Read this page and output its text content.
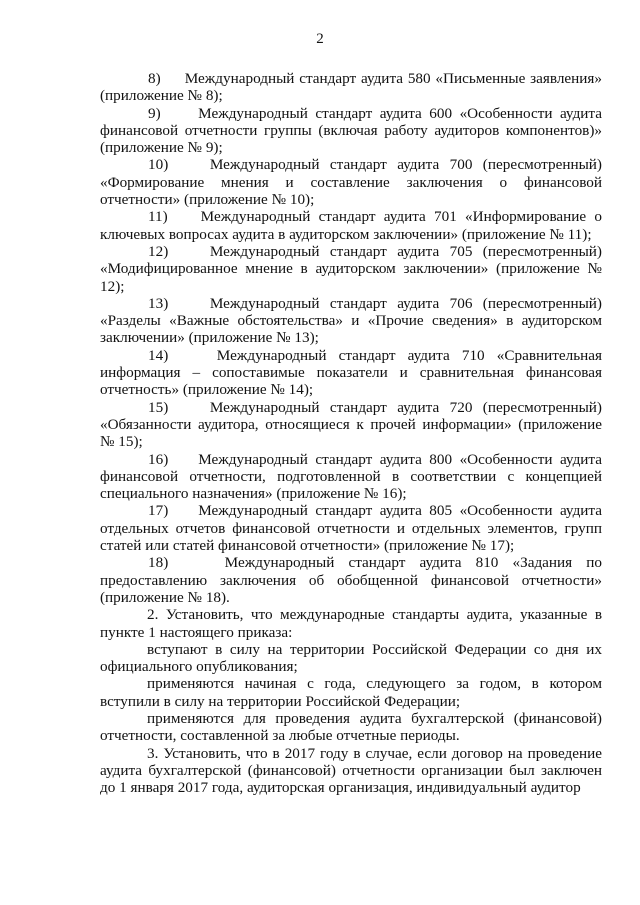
2

8)     Международный стандарт аудита 580 «Письменные заявления» (приложение № 8);

9)     Международный стандарт аудита 600 «Особенности аудита финансовой отчетности группы (включая работу аудиторов компонентов)» (приложение № 9);

10)    Международный стандарт аудита 700 (пересмотренный) «Формирование мнения и составление заключения о финансовой отчетности» (приложение № 10);

11)    Международный стандарт аудита 701 «Информирование о ключевых вопросах аудита в аудиторском заключении» (приложение № 11);

12)    Международный стандарт аудита 705 (пересмотренный) «Модифицированное мнение в аудиторском заключении» (приложение № 12);

13)    Международный стандарт аудита 706 (пересмотренный) «Разделы «Важные обстоятельства» и «Прочие сведения» в аудиторском заключении» (приложение № 13);

14)    Международный стандарт аудита 710 «Сравнительная информация – сопоставимые показатели и сравнительная финансовая отчетность» (приложение № 14);

15)    Международный стандарт аудита 720 (пересмотренный) «Обязанности аудитора, относящиеся к прочей информации» (приложение № 15);

16)    Международный стандарт аудита 800 «Особенности аудита финансовой отчетности, подготовленной в соответствии с концепцией специального назначения» (приложение № 16);

17)    Международный стандарт аудита 805 «Особенности аудита отдельных отчетов финансовой отчетности и отдельных элементов, групп статей или статей финансовой отчетности» (приложение № 17);

18)    Международный стандарт аудита 810 «Задания по предоставлению заключения об обобщенной финансовой отчетности» (приложение № 18).

2. Установить, что международные стандарты аудита, указанные в пункте 1 настоящего приказа:

вступают в силу на территории Российской Федерации со дня их официального опубликования;

применяются начиная с года, следующего за годом, в котором вступили в силу на территории Российской Федерации;

применяются для проведения аудита бухгалтерской (финансовой) отчетности, составленной за любые отчетные периоды.

3. Установить, что в 2017 году в случае, если договор на проведение аудита бухгалтерской (финансовой) отчетности организации был заключен до 1 января 2017 года, аудиторская организация, индивидуальный аудитор
